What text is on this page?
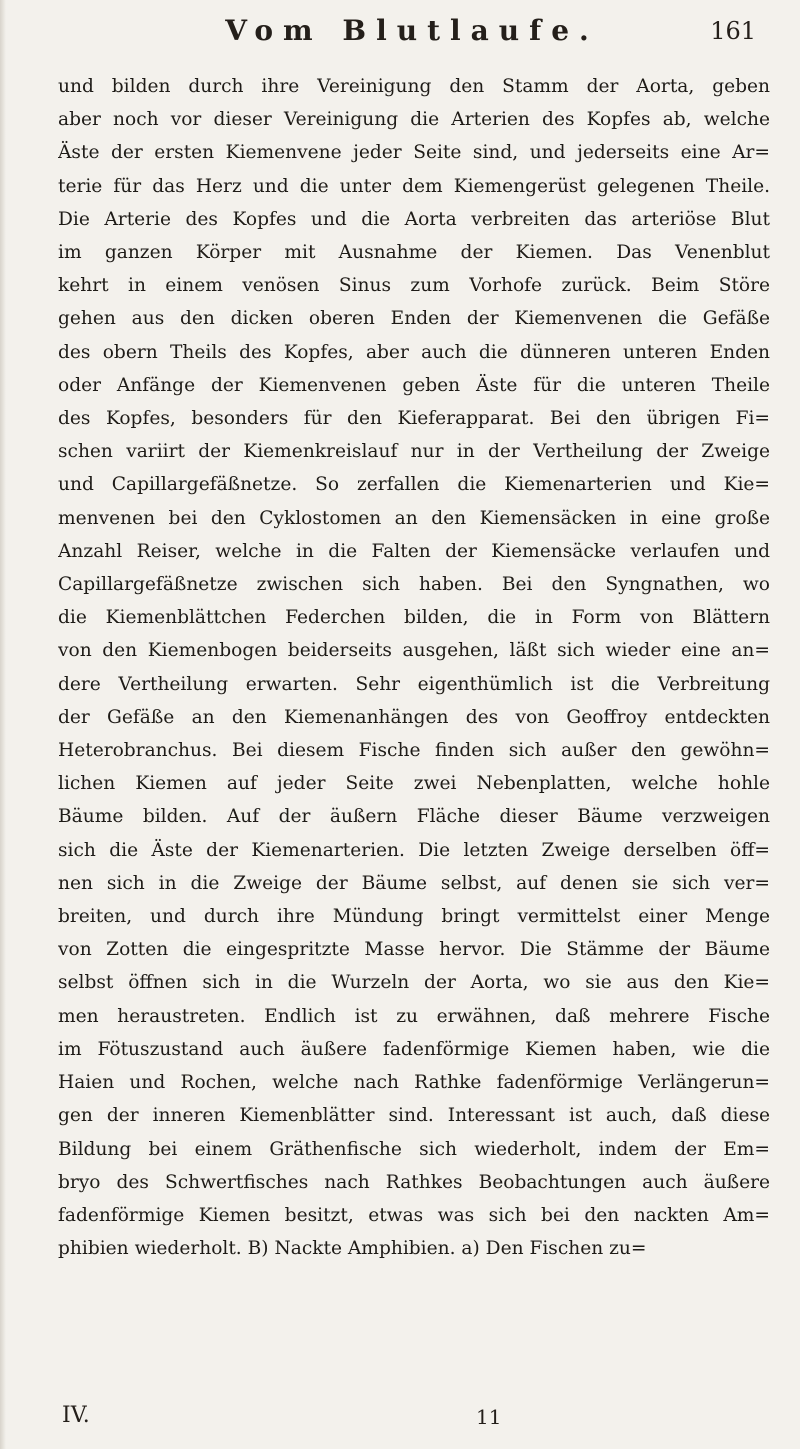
Vom Blutlaufe.	161
und bilden durch ihre Vereinigung den Stamm der Aorta, geben
aber noch vor dieser Vereinigung die Arterien des Kopfes ab, welche
Äste der ersten Kiemenvene jeder Seite sind, und jederseits eine Ar=
terie für das Herz und die unter dem Kiemengerüst gelegenen Theile.
Die Arterie des Kopfes und die Aorta verbreiten das arteriöse Blut
im ganzen Körper mit Ausnahme der Kiemen. Das Venenblut
kehrt in einem venösen Sinus zum Vorhofe zurück. Beim Störe
gehen aus den dicken oberen Enden der Kiemenvenen die Gefäße
des obern Theils des Kopfes, aber auch die dünneren unteren Enden
oder Anfänge der Kiemenvenen geben Äste für die unteren Theile
des Kopfes, besonders für den Kieferapparat. Bei den übrigen Fi=
schen variirt der Kiemenkreislauf nur in der Vertheilung der Zweige
und Capillargefäßnetze. So zerfallen die Kiemenarterien und Kie=
menvenen bei den Cyklostomen an den Kiemensäcken in eine große
Anzahl Reiser, welche in die Falten der Kiemensäcke verlaufen und
Capillargefäßnetze zwischen sich haben. Bei den Syngnathen, wo
die Kiemenblättchen Federchen bilden, die in Form von Blättern
von den Kiemenbogen beiderseits ausgehen, läßt sich wieder eine an=
dere Vertheilung erwarten. Sehr eigenthümlich ist die Verbreitung
der Gefäße an den Kiemenanhängen des von Geoffroy entdeckten
Heterobranchus. Bei diesem Fische finden sich außer den gewöhn=
lichen Kiemen auf jeder Seite zwei Nebenplatten, welche hohle
Bäume bilden. Auf der äußern Fläche dieser Bäume verzweigen
sich die Äste der Kiemenarterien. Die letzten Zweige derselben öff=
nen sich in die Zweige der Bäume selbst, auf denen sie sich ver=
breiten, und durch ihre Mündung bringt vermittelst einer Menge
von Zotten die eingespritzte Masse hervor. Die Stämme der Bäume
selbst öffnen sich in die Wurzeln der Aorta, wo sie aus den Kie=
men heraustreten. Endlich ist zu erwähnen, daß mehrere Fische
im Fötuszustand auch äußere fadenförmige Kiemen haben, wie die
Haien und Rochen, welche nach Rathke fadenförmige Verlängerun=
gen der inneren Kiemenblätter sind. Interessant ist auch, daß diese
Bildung bei einem Gräthenfische sich wiederholt, indem der Em=
bryo des Schwertfisches nach Rathkes Beobachtungen auch äußere
fadenförmige Kiemen besitzt, etwas was sich bei den nackten Am=
phibien wiederholt. B) Nackte Amphibien. a) Den Fischen zu=
IV.	11
